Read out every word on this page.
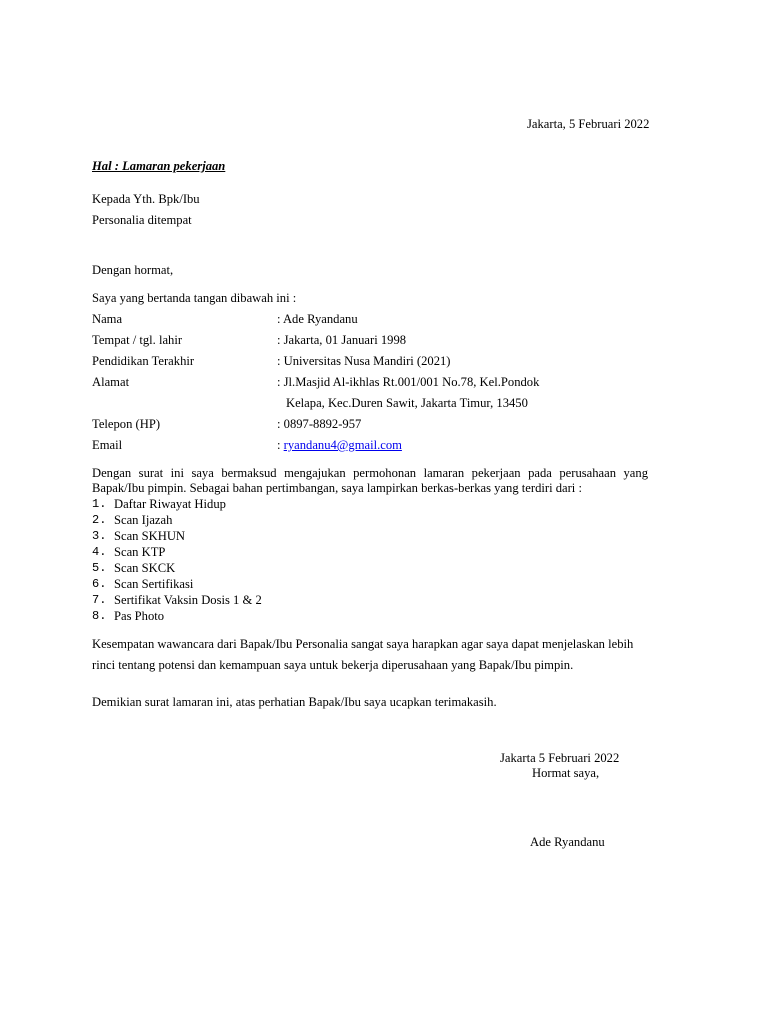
Jakarta, 5 Februari 2022
Hal : Lamaran pekerjaan
Kepada Yth. Bpk/Ibu
Personalia ditempat
Dengan hormat,
Saya yang bertanda tangan dibawah ini :
Nama	: Ade Ryandanu
Tempat / tgl. lahir	: Jakarta, 01 Januari 1998
Pendidikan Terakhir	: Universitas Nusa Mandiri (2021)
Alamat	: Jl.Masjid Al-ikhlas Rt.001/001 No.78, Kel.Pondok
Kelapa, Kec.Duren Sawit, Jakarta Timur, 13450
Telepon (HP)	: 0897-8892-957
Email	: ryandanu4@gmail.com
Dengan surat ini saya bermaksud mengajukan permohonan lamaran pekerjaan pada perusahaan yang
Bapak/Ibu pimpin. Sebagai bahan pertimbangan, saya lampirkan berkas-berkas yang terdiri dari :
1. Daftar Riwayat Hidup
2. Scan Ijazah
3. Scan SKHUN
4. Scan KTP
5. Scan SKCK
6. Scan Sertifikasi
7. Sertifikat Vaksin Dosis 1 & 2
8. Pas Photo
Kesempatan wawancara dari Bapak/Ibu Personalia sangat saya harapkan agar saya dapat menjelaskan lebih
rinci tentang potensi dan kemampuan saya untuk bekerja diperusahaan yang Bapak/Ibu pimpin.
Demikian surat lamaran ini, atas perhatian Bapak/Ibu saya ucapkan terimakasih.
Jakarta 5 Februari 2022
Hormat saya,
Ade Ryandanu
